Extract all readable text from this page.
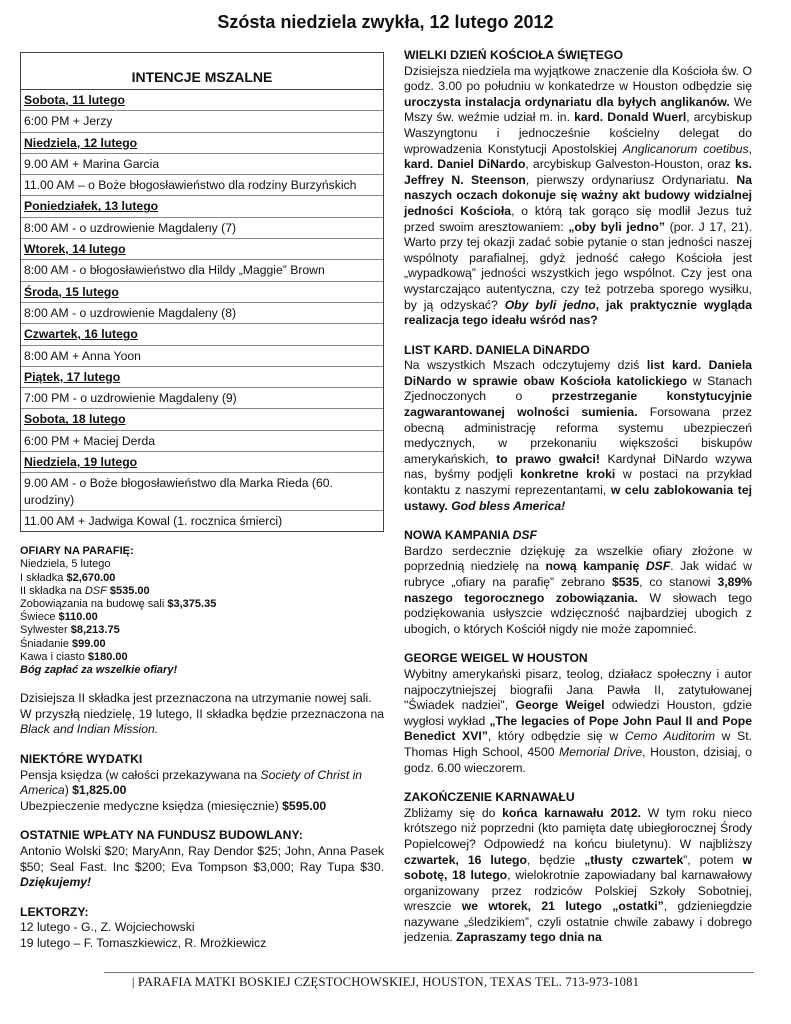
Szósta niedziela zwykła, 12 lutego 2012
INTENCJE MSZALNE
Sobota, 11 lutego
6:00 PM + Jerzy
Niedziela, 12 lutego
9.00 AM + Marina Garcia
11.00 AM – o Boże błogosławieństwo dla rodziny Burzyńskich
Poniedziałek, 13 lutego
8:00 AM - o uzdrowienie Magdaleny (7)
Wtorek, 14 lutego
8:00 AM - o błogosławieństwo dla Hildy „Maggie” Brown
Środa, 15 lutego
8:00 AM - o uzdrowienie Magdaleny (8)
Czwartek, 16 lutego
8:00 AM + Anna Yoon
Piątek, 17 lutego
7:00 PM - o uzdrowienie Magdaleny (9)
Sobota, 18 lutego
6:00 PM + Maciej Derda
Niedziela, 19 lutego
9.00 AM - o Boże błogosławieństwo dla Marka Rieda (60. urodziny)
11.00 AM + Jadwiga Kowal (1. rocznica śmierci)
OFIARY NA PARAFIĘ:
Niedziela, 5 lutego
I składka $2,670.00
II składka na DSF $535.00
Zobowiązania na budowę sali $3,375.35
Świece $110.00
Sylwester $8,213.75
Śniadanie $99.00
Kawa i ciasto $180.00
Bóg zapłać za wszelkie ofiary!

Dzisiejsza II składka jest przeznaczona na utrzymanie nowej sali.

W przyszłą niedzielę, 19 lutego, II składka będzie przeznaczona na Black and Indian Mission.

NIEKTÓRE WYDATKI

Pensja księdza (w całości przekazywana na Society of Christ in America) $1,825.00

Ubezpieczenie medyczne księdza (miesięcznie) $595.00

OSTATNIE WPŁATY NA FUNDUSZ BUDOWLANY:

Antonio Wolski $20; MaryAnn, Ray Dendor $25; John, Anna Pasek $50; Seal Fast. Inc $200; Eva Tompson $3,000; Ray Tupa $30. Dziękujemy!

LEKTORZY:

12 lutego - G., Z. Wojciechowski

19 lutego – F. Tomaszkiewicz, R. Mrożkiewicz

WIELKI DZIEŃ KOŚCIOŁA ŚWIĘTEGO

Dzisiejsza niedziela ma wyjątkowe znaczenie dla Kościoła św. O godz. 3.00 po południu w konkatedrze w Houston odbędzie się uroczysta instalacja ordynariatu dla byłych anglikanów. We Mszy św. weźmie udział m. in. kard. Donald Wuerl, arcybiskup Waszyngtonu i jednocześnie kościelny delegat do wprowadzenia Konstytucji Apostolskiej Anglicanorum coetibus, kard. Daniel DiNardo, arcybiskup Galveston-Houston, oraz ks. Jeffrey N. Steenson, pierwszy ordynariusz Ordynariatu. Na naszych oczach dokonuje się ważny akt budowy widzialnej jedności Kościoła, o którą tak gorąco się modlił Jezus tuż przed swoim aresztowaniem: „oby byli jedno” (por. J 17, 21). Warto przy tej okazji zadać sobie pytanie o stan jedności naszej wspólnoty parafialnej, gdyż jedność całego Kościoła jest „wypadkową” jedności wszystkich jego wspólnot. Czy jest ona wystarczająco autentyczna, czy też potrzeba sporego wysiłku, by ją odzyskać? Oby byli jedno, jak praktycznie wygląda realizacja tego ideału wśród nas?

LIST KARD. DANIELA DiNARDO

Na wszystkich Mszach odczytujemy dziś list kard. Daniela DiNardo w sprawie obaw Kościoła katolickiego w Stanach Zjednoczonych o przestrzeganie konstytucyjnie zagwarantowanej wolności sumienia. Forsowana przez obecną administrację reforma systemu ubezpieczeń medycznych, w przekonaniu większości biskupów amerykańskich, to prawo gwałci! Kardynał DiNardo wzywa nas, byśmy podjęli konkretne kroki w postaci na przykład kontaktu z naszymi reprezentantami, w celu zablokowania tej ustawy. God bless America!

NOWA KAMPANIA DSF

Bardzo serdecznie dziękuję za wszelkie ofiary złożone w poprzednią niedzielę na nową kampanię DSF. Jak widać w rubryce „ofiary na parafię” zebrano $535, co stanowi 3,89% naszego tegorocznego zobowiązania. W słowach tego podziękowania usłyszcie wdzięczność najbardziej ubogich z ubogich, o których Kościół nigdy nie może zapomnieć.

GEORGE WEIGEL W HOUSTON

Wybitny amerykański pisarz, teolog, działacz społeczny i autor najpoczytniejszej biografii Jana Pawła II, zatytułowanej "Świadek nadziei", George Weigel odwiedzi Houston, gdzie wygłosi wykład „The legacies of Pope John Paul II and Pope Benedict XVI”, który odbędzie się w Cemo Auditorim w St. Thomas High School, 4500 Memorial Drive, Houston, dzisiaj, o godz. 6.00 wieczorem.

ZAKOŃCZENIE KARNAWAŁU

Zbliżamy się do końca karnawału 2012. W tym roku nieco krótszego niż poprzedni (kto pamięta datę ubiegłorocznej Środy Popielcowej? Odpowiedź na końcu biuletynu). W najbliższy czwartek, 16 lutego, będzie „tłusty czwartek”, potem w sobotę, 18 lutego, wielokrotnie zapowiadany bal karnawałowy organizowany przez rodziców Polskiej Szkoły Sobotniej, wreszcie we wtorek, 21 lutego „ostatki”, gdzieniegdzie nazywane „śledzikiem”, czyli ostatnie chwile zabawy i dobrego jedzenia. Zapraszamy tego dnia na

| PARAFIA MATKI BOSKIEJ CZĘSTOCHOWSKIEJ, HOUSTON, TEXAS TEL. 713-973-1081
